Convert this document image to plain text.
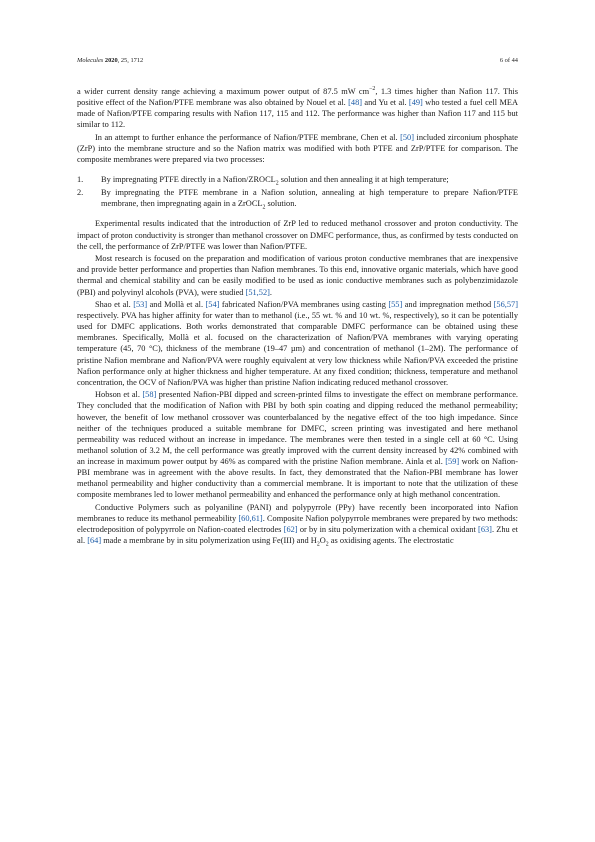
Molecules 2020, 25, 1712	6 of 44

a wider current density range achieving a maximum power output of 87.5 mW $cm^{-2}$, 1.3 times higher than Nafion 117. This positive effect of the Nafion/PTFE membrane was also obtained by Nouel et al. [48] and Yu et al. [49] who tested a fuel cell MEA made of Nafion/PTFE comparing results with Nafion 117, 115 and 112. The performance was higher than Nafion 117 and 115 but similar to 112.

In an attempt to further enhance the performance of Nafion/PTFE membrane, Chen et al. [50] included zirconium phosphate (ZrP) into the membrane structure and so the Nafion matrix was modified with both PTFE and ZrP/PTFE for comparison. The composite membranes were prepared via two processes:

1.	By impregnating PTFE directly in a Nafion/$ZROCL_2$ solution and then annealing it at high temperature;
2.	By impregnating the PTFE membrane in a Nafion solution, annealing at high temperature to prepare Nafion/PTFE membrane, then impregnating again in a ZrOCL$_2$ solution.

Experimental results indicated that the introduction of ZrP led to reduced methanol crossover and proton conductivity. The impact of proton conductivity is stronger than methanol crossover on DMFC performance, thus, as confirmed by tests conducted on the cell, the performance of ZrP/PTFE was lower than Nafion/PTFE.

Most research is focused on the preparation and modification of various proton conductive membranes that are inexpensive and provide better performance and properties than Nafion membranes. To this end, innovative organic materials, which have good thermal and chemical stability and can be easily modified to be used as ionic conductive membranes such as polybenzimidazole (PBI) and polyvinyl alcohols (PVA), were studied [51,52].

Shao et al. [53] and Mollà et al. [54] fabricated Nafion/PVA membranes using casting [55] and impregnation method [56,57] respectively. PVA has higher affinity for water than to methanol (i.e., 55 wt. % and 10 wt. %, respectively), so it can be potentially used for DMFC applications. Both works demonstrated that comparable DMFC performance can be obtained using these membranes. Specifically, Mollà et al. focused on the characterization of Nafion/PVA membranes with varying operating temperature (45, 70 °C), thickness of the membrane (19–47 µm) and concentration of methanol (1–2M). The performance of pristine Nafion membrane and Nafion/PVA were roughly equivalent at very low thickness while Nafion/PVA exceeded the pristine Nafion performance only at higher thickness and higher temperature. At any fixed condition; thickness, temperature and methanol concentration, the OCV of Nafion/PVA was higher than pristine Nafion indicating reduced methanol crossover.

Hobson et al. [58] presented Nafion-PBI dipped and screen-printed films to investigate the effect on membrane performance. They concluded that the modification of Nafion with PBI by both spin coating and dipping reduced the methanol permeability; however, the benefit of low methanol crossover was counterbalanced by the negative effect of the too high impedance. Since neither of the techniques produced a suitable membrane for DMFC, screen printing was investigated and here methanol permeability was reduced without an increase in impedance. The membranes were then tested in a single cell at 60 °C. Using methanol solution of 3.2 M, the cell performance was greatly improved with the current density increased by 42% combined with an increase in maximum power output by 46% as compared with the pristine Nafion membrane. Ainla et al. [59] work on Nafion-PBI membrane was in agreement with the above results. In fact, they demonstrated that the Nafion-PBI membrane has lower methanol permeability and higher conductivity than a commercial membrane. It is important to note that the utilization of these composite membranes led to lower methanol permeability and enhanced the performance only at high methanol concentration.

Conductive Polymers such as polyaniline (PANI) and polypyrrole (PPy) have recently been incorporated into Nafion membranes to reduce its methanol permeability [60,61]. Composite Nafion polypyrrole membranes were prepared by two methods: electrodeposition of polypyrrole on Nafion-coated electrodes [62] or by in situ polymerization with a chemical oxidant [63]. Zhu et al. [64] made a membrane by in situ polymerization using Fe(III) and $H_2O_2$ as oxidising agents. The electrostatic
